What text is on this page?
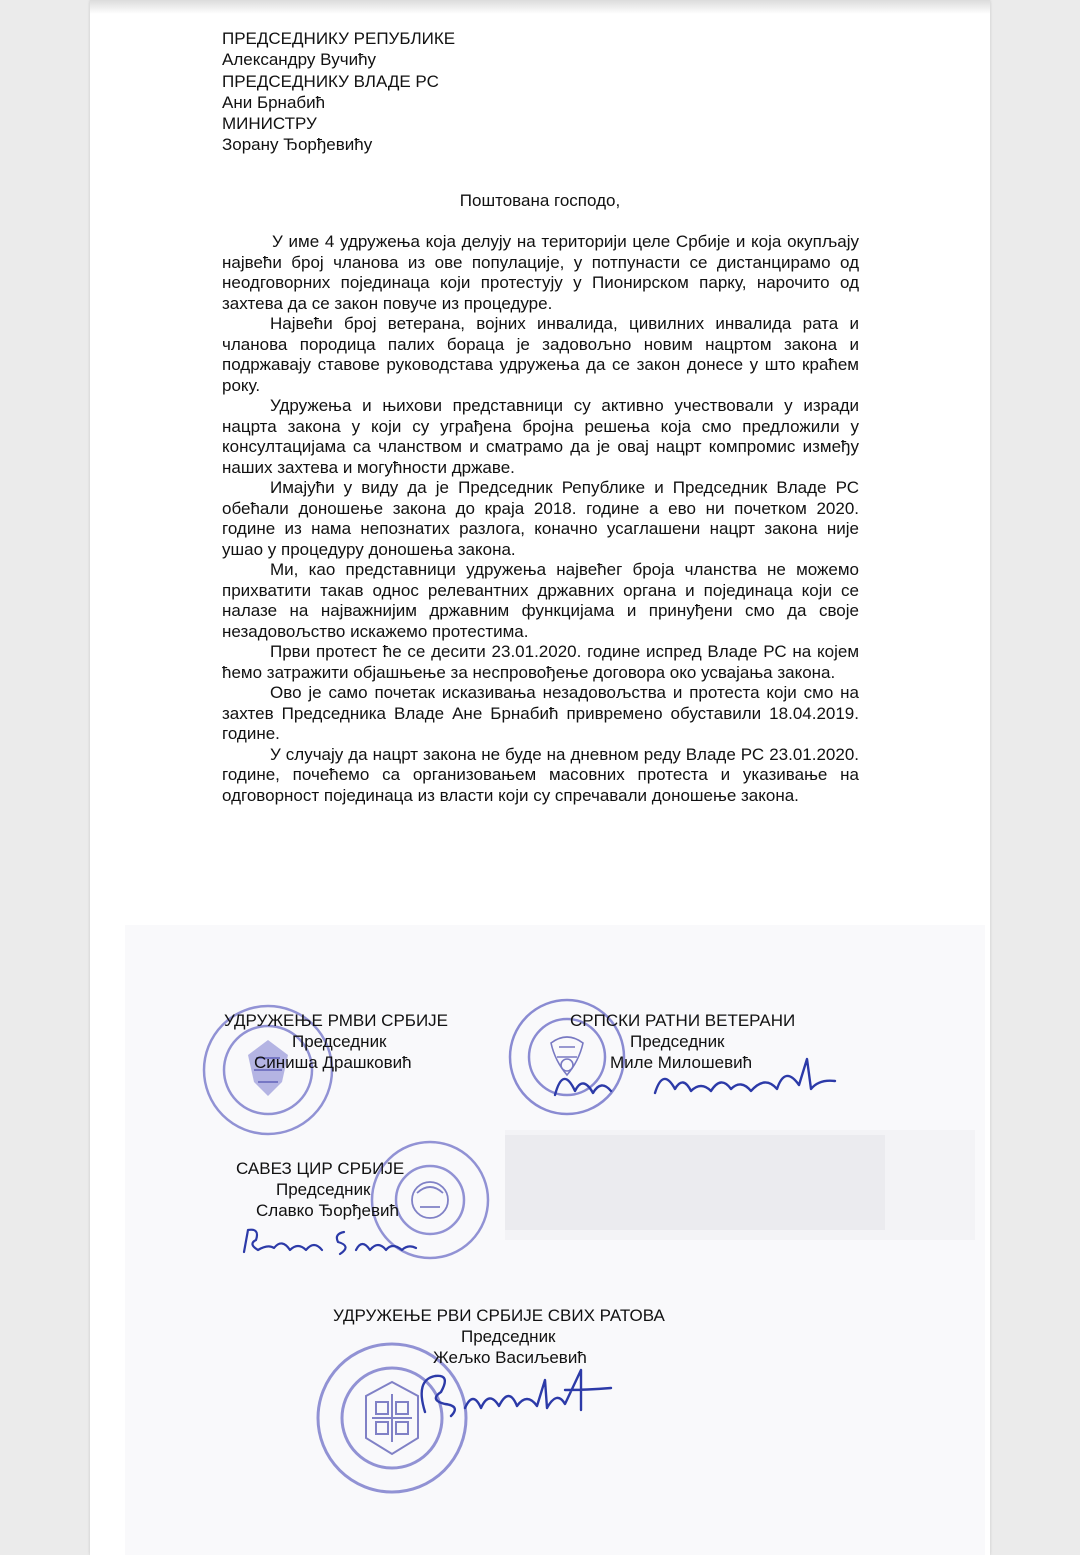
ПРЕДСЕДНИКУ РЕПУБЛИКЕ
Александру Вучићу
ПРЕДСЕДНИКУ ВЛАДЕ РС
Ани Брнабић
МИНИСТРУ
Зорану Ђорђевићу
Поштована господо,

У име 4 удружења која делују на територији целе Србије и која окупљају највећи број чланова из ове популације, у потпунасти се дистанцирамо од неодговорних појединаца који протестују у Пионирском парку, нарочито од захтева да се закон повуче из процедуре.

Највећи број ветерана, војних инвалида, цивилних инвалида рата и чланова породица палих бораца је задовољно новим нацртом закона и подржавају ставове руководстава удружења да се закон донесе у што краћем року.

Удружења и њихови представници су активно учествовали у изради нацрта закона у који су уграђена бројна решења која смо предложили у консултацијама са чланством и сматрамо да је овај нацрт компромис између наших захтева и могућности државе.

Имајући у виду да је Председник Републике и Председник Владе РС обећали доношење закона до краја 2018. године а ево ни почетком 2020. године из нама непознатих разлога, коначно усаглашени нацрт закона није ушао у процедуру доношења закона.

Ми, као представници удружења највећег броја чланства не можемо прихватити такав однос релевантних државних органа и појединаца који се налазе на најважнијим државним функцијама и принуђени смо да своје незадовољство искажемо протестима.

Први протест ће се десити 23.01.2020. године испред Владе РС на којем ћемо затражити објашњење за неспровођење договора око усвајања закона.

Ово је само почетак исказивања незадовољства и протеста који смо на захтев Председника Владе Ане Брнабић привремено обуставили 18.04.2019. године.

У случају да нацрт закона не буде на дневном реду Владе РС 23.01.2020. године, почећемо са организовањем масовних протеста и указивање на одговорност појединаца из власти који су спречавали доношење закона.

УДРУЖЕЊЕ РМВИ СРБИЈЕ
Председник
Синиша Драшковић
СРПСКИ РАТНИ ВЕТЕРАНИ
Председник
Миле Милошевић
САВЕЗ ЦИР СРБИЈЕ
Председник
Славко Ђорђевић
УДРУЖЕЊЕ РВИ СРБИЈЕ СВИХ РАТОВА
Председник
Жељко Васиљевић
